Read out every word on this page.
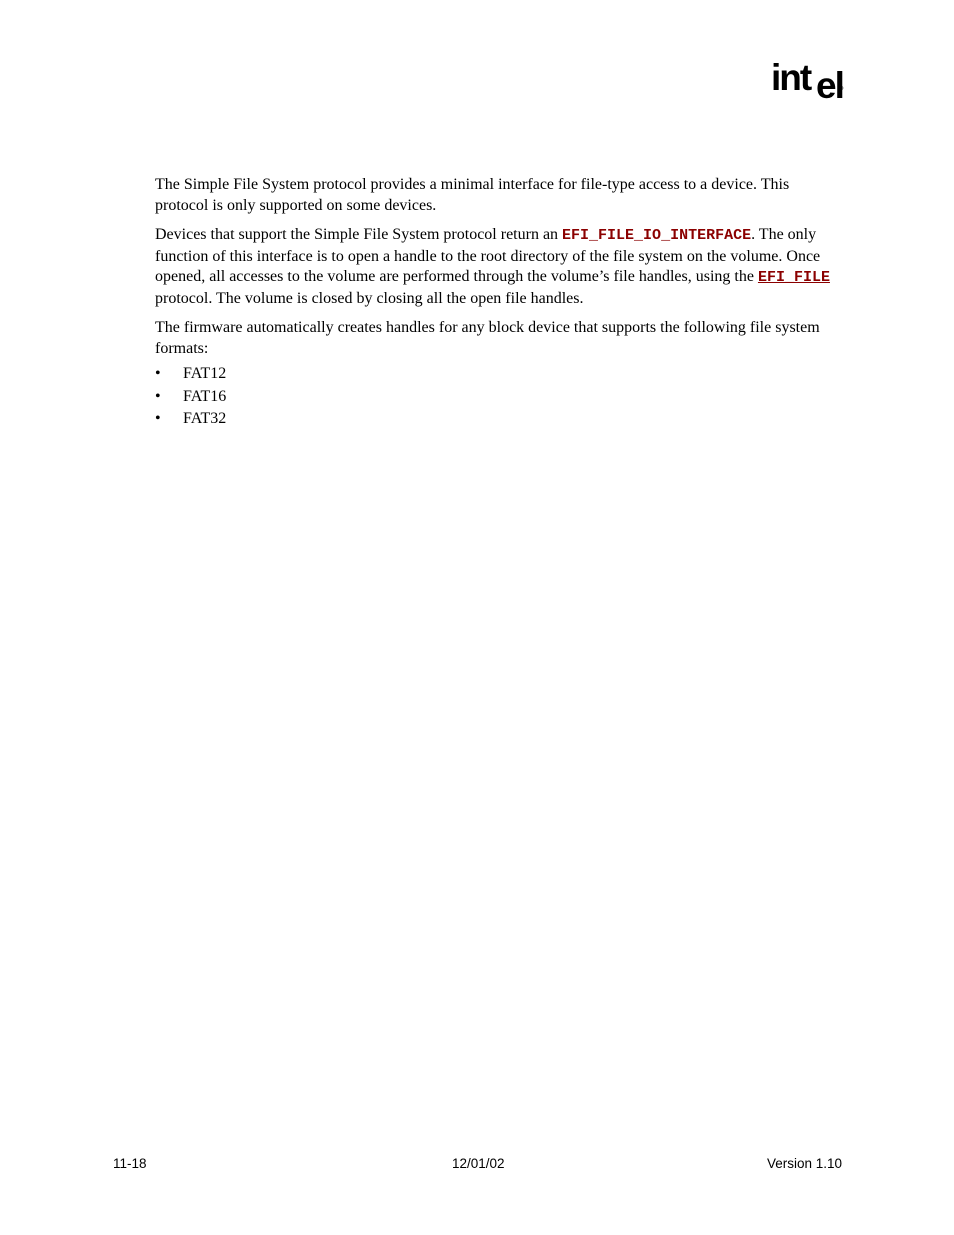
int el

The Simple File System protocol provides a minimal interface for file-type access to a device. This protocol is only supported on some devices.

Devices that support the Simple File System protocol return an EFI_FILE_IO_INTERFACE. The only function of this interface is to open a handle to the root directory of the file system on the volume. Once opened, all accesses to the volume are performed through the volume’s file handles, using the EFI_FILE protocol. The volume is closed by closing all the open file handles.

The firmware automatically creates handles for any block device that supports the following file system formats:

• FAT12
• FAT16
• FAT32
11-18	12/01/02	Version 1.10
